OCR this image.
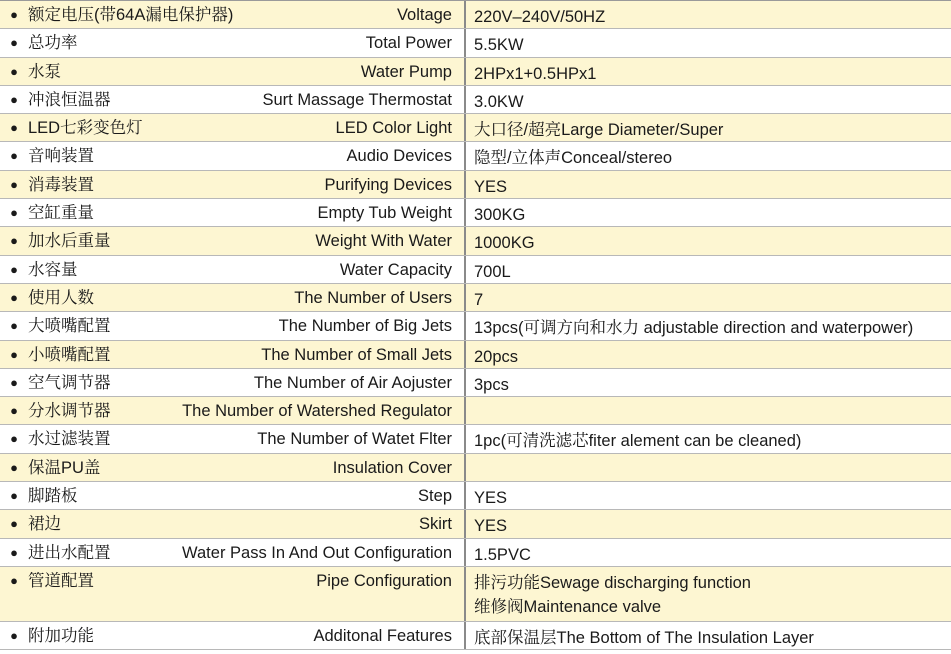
● 额定电压(带64A漏电保护器)	Voltage	220V–240V/50HZ
● 总功率	Total Power	5.5KW
● 水泵	Water Pump	2HPx1+0.5HPx1
● 冲浪恒温器	Surt Massage Thermostat	3.0KW
● LED七彩变色灯	LED Color Light	大口径/超亮Large Diameter/Super
● 音响装置	Audio Devices	隐型/立体声Conceal/stereo
● 消毒装置	Purifying Devices	YES
● 空缸重量	Empty Tub Weight	300KG
● 加水后重量	Weight With Water	1000KG
● 水容量	Water Capacity	700L
● 使用人数	The Number of Users	7
● 大喷嘴配置	The Number of Big Jets	13pcs(可调方向和水力 adjustable direction and waterpower)
● 小喷嘴配置	The Number of Small Jets	20pcs
● 空气调节器	The Number of Air Aojuster	3pcs
● 分水调节器	The Number of Watershed Regulator
● 水过滤装置	The Number of Watet Flter	1pc(可清洗滤芯fiter alement can be cleaned)
● 保温PU盖	Insulation Cover
● 脚踏板	Step	YES
● 裙边	Skirt	YES
● 进出水配置	Water Pass In And Out Configuration	1.5PVC
● 管道配置	Pipe Configuration	排污功能Sewage discharging function
维修阀Maintenance valve
● 附加功能	Additonal Features	底部保温层The Bottom of The Insulation Layer
